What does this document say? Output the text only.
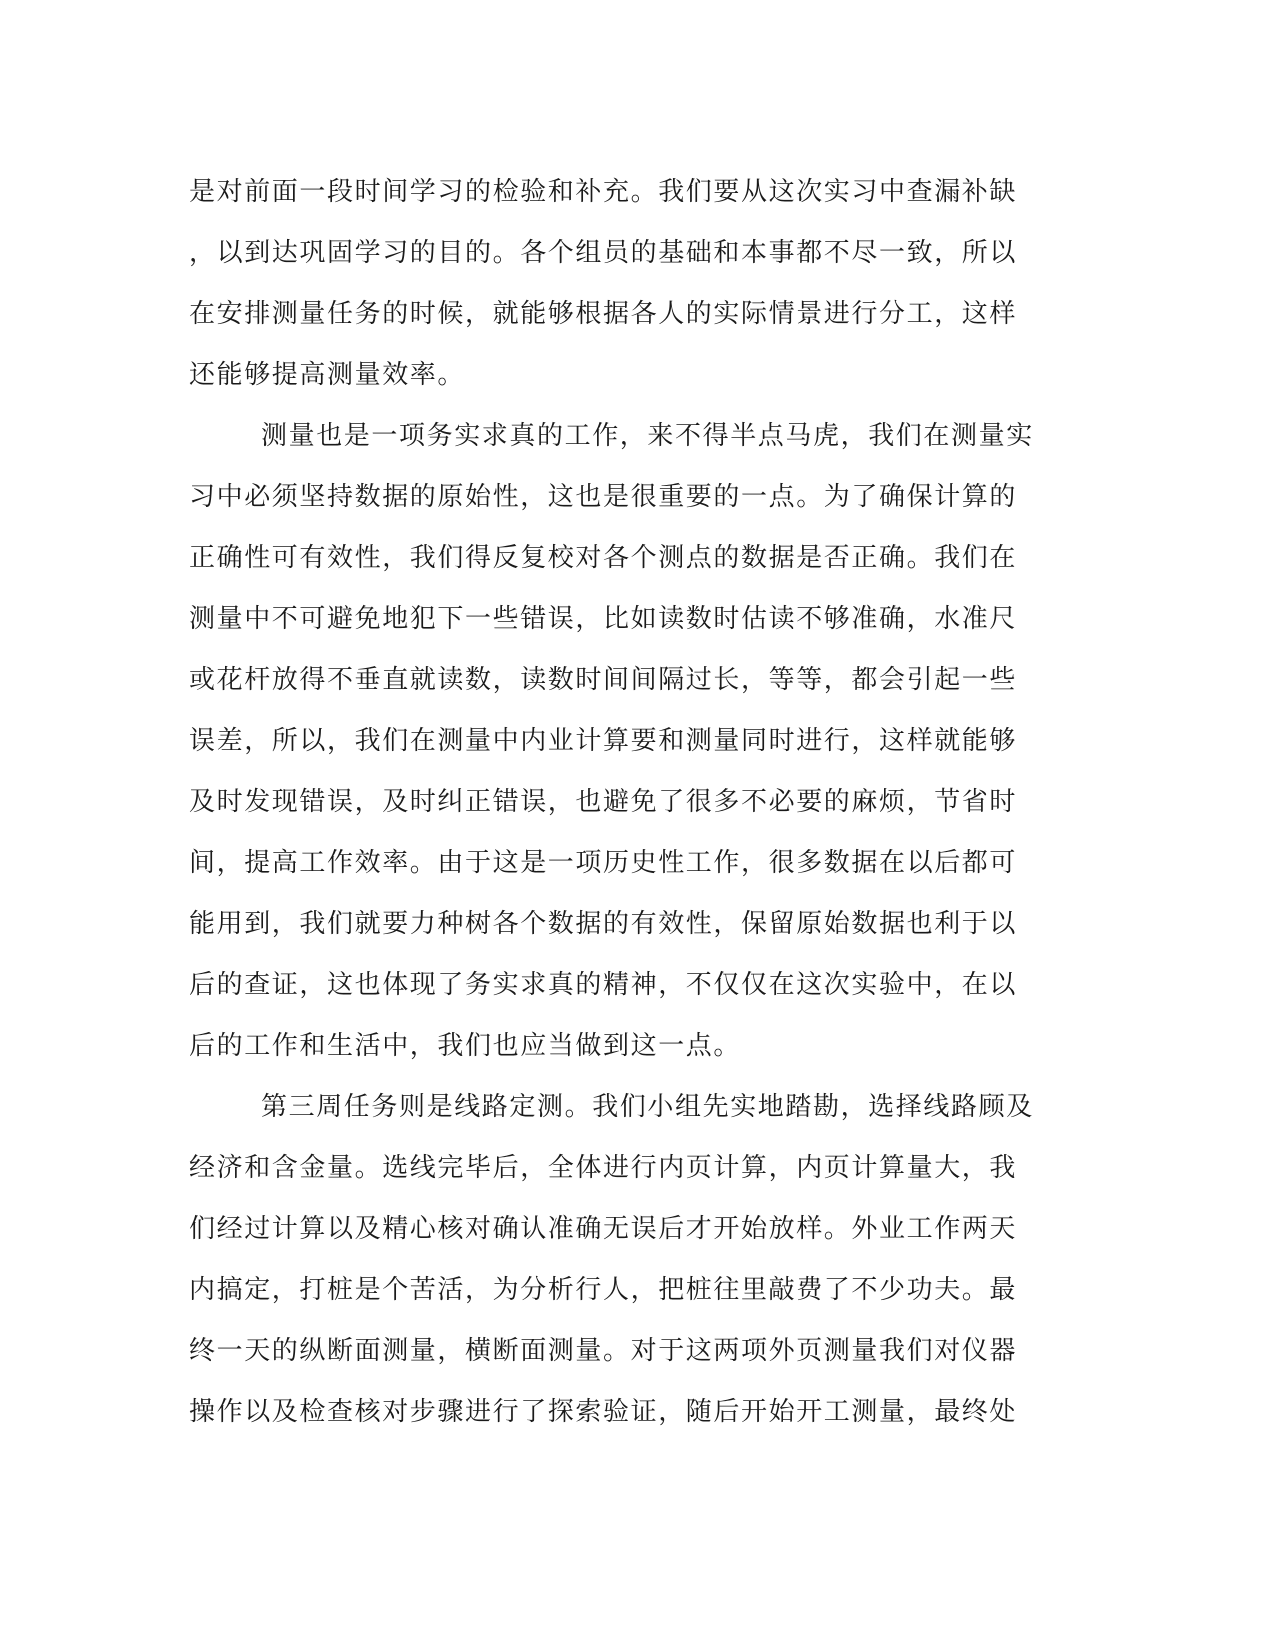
是对前面一段时间学习的检验和补充。我们要从这次实习中查漏补缺
，以到达巩固学习的目的。各个组员的基础和本事都不尽一致，所以
在安排测量任务的时候，就能够根据各人的实际情景进行分工，这样
还能够提高测量效率。
测量也是一项务实求真的工作，来不得半点马虎，我们在测量实
习中必须坚持数据的原始性，这也是很重要的一点。为了确保计算的
正确性可有效性，我们得反复校对各个测点的数据是否正确。我们在
测量中不可避免地犯下一些错误，比如读数时估读不够准确，水准尺
或花杆放得不垂直就读数，读数时间间隔过长，等等，都会引起一些
误差，所以，我们在测量中内业计算要和测量同时进行，这样就能够
及时发现错误，及时纠正错误，也避免了很多不必要的麻烦，节省时
间，提高工作效率。由于这是一项历史性工作，很多数据在以后都可
能用到，我们就要力种树各个数据的有效性，保留原始数据也利于以
后的查证，这也体现了务实求真的精神，不仅仅在这次实验中，在以
后的工作和生活中，我们也应当做到这一点。
第三周任务则是线路定测。我们小组先实地踏勘，选择线路顾及
经济和含金量。选线完毕后，全体进行内页计算，内页计算量大，我
们经过计算以及精心核对确认准确无误后才开始放样。外业工作两天
内搞定，打桩是个苦活，为分析行人，把桩往里敲费了不少功夫。最
终一天的纵断面测量，横断面测量。对于这两项外页测量我们对仪器
操作以及检查核对步骤进行了探索验证，随后开始开工测量，最终处
